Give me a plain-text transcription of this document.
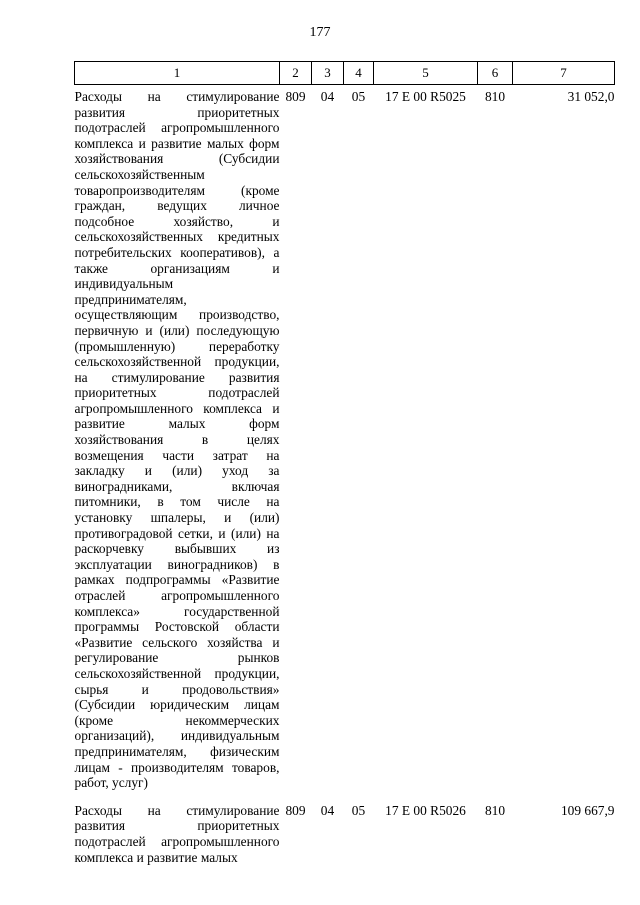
177
1	2	3	4	5	6	7
Расходы на стимулирование развития приоритетных подотраслей агропромышленного комплекса и развитие малых форм хозяйствования (Субсидии сельскохозяйственным товаропроизводителям (кроме граждан, ведущих личное подсобное хозяйство, и сельскохозяйственных кредитных потребительских кооперативов), а также организациям и индивидуальным предпринимателям, осуществляющим производство, первичную и (или) последующую (промышленную) переработку сельскохозяйственной продукции, на стимулирование развития приоритетных подотраслей агропромышленного комплекса и развитие малых форм хозяйствования в целях возмещения части затрат на закладку и (или) уход за виноградниками, включая питомники, в том числе на установку шпалеры, и (или) противоградовой сетки, и (или) на раскорчевку выбывших из эксплуатации виноградников) в рамках подпрограммы «Развитие отраслей агропромышленного комплекса» государственной программы Ростовской области «Развитие сельского хозяйства и регулирование рынков сельскохозяйственной продукции, сырья и продовольствия» (Субсидии юридическим лицам (кроме некоммерческих организаций), индивидуальным предпринимателям, физическим лицам - производителям товаров, работ, услуг)	809	04	05	17 Е 00 R5025	810	31 052,0

Расходы на стимулирование развития приоритетных подотраслей агропромышленного комплекса и развитие малых	809	04	05	17 Е 00 R5026	810	109 667,9
